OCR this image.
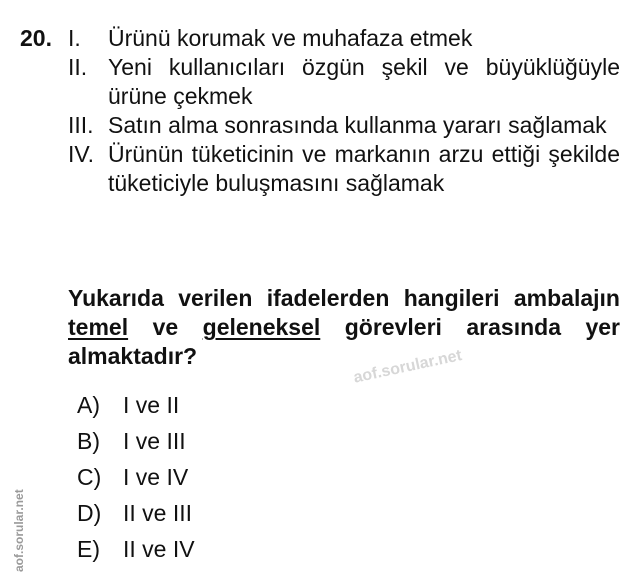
20. I.	Ürünü korumak ve muhafaza etmek
II. Yeni kullanıcıları özgün şekil ve büyüklüğüyle ürüne çekmek
III. Satın alma sonrasında kullanma yararı sağlamak
IV. Ürünün tüketicinin ve markanın arzu ettiği şekilde tüketiciyle buluşmasını sağlamak
Yukarıda verilen ifadelerden hangileri ambalajın temel ve geleneksel görevleri arasında yer almaktadır?
A)	I ve II
B)	I ve III
C) I ve IV
D) II ve III
E)	II ve IV
aof.sorular.net
aof.sorular.net
